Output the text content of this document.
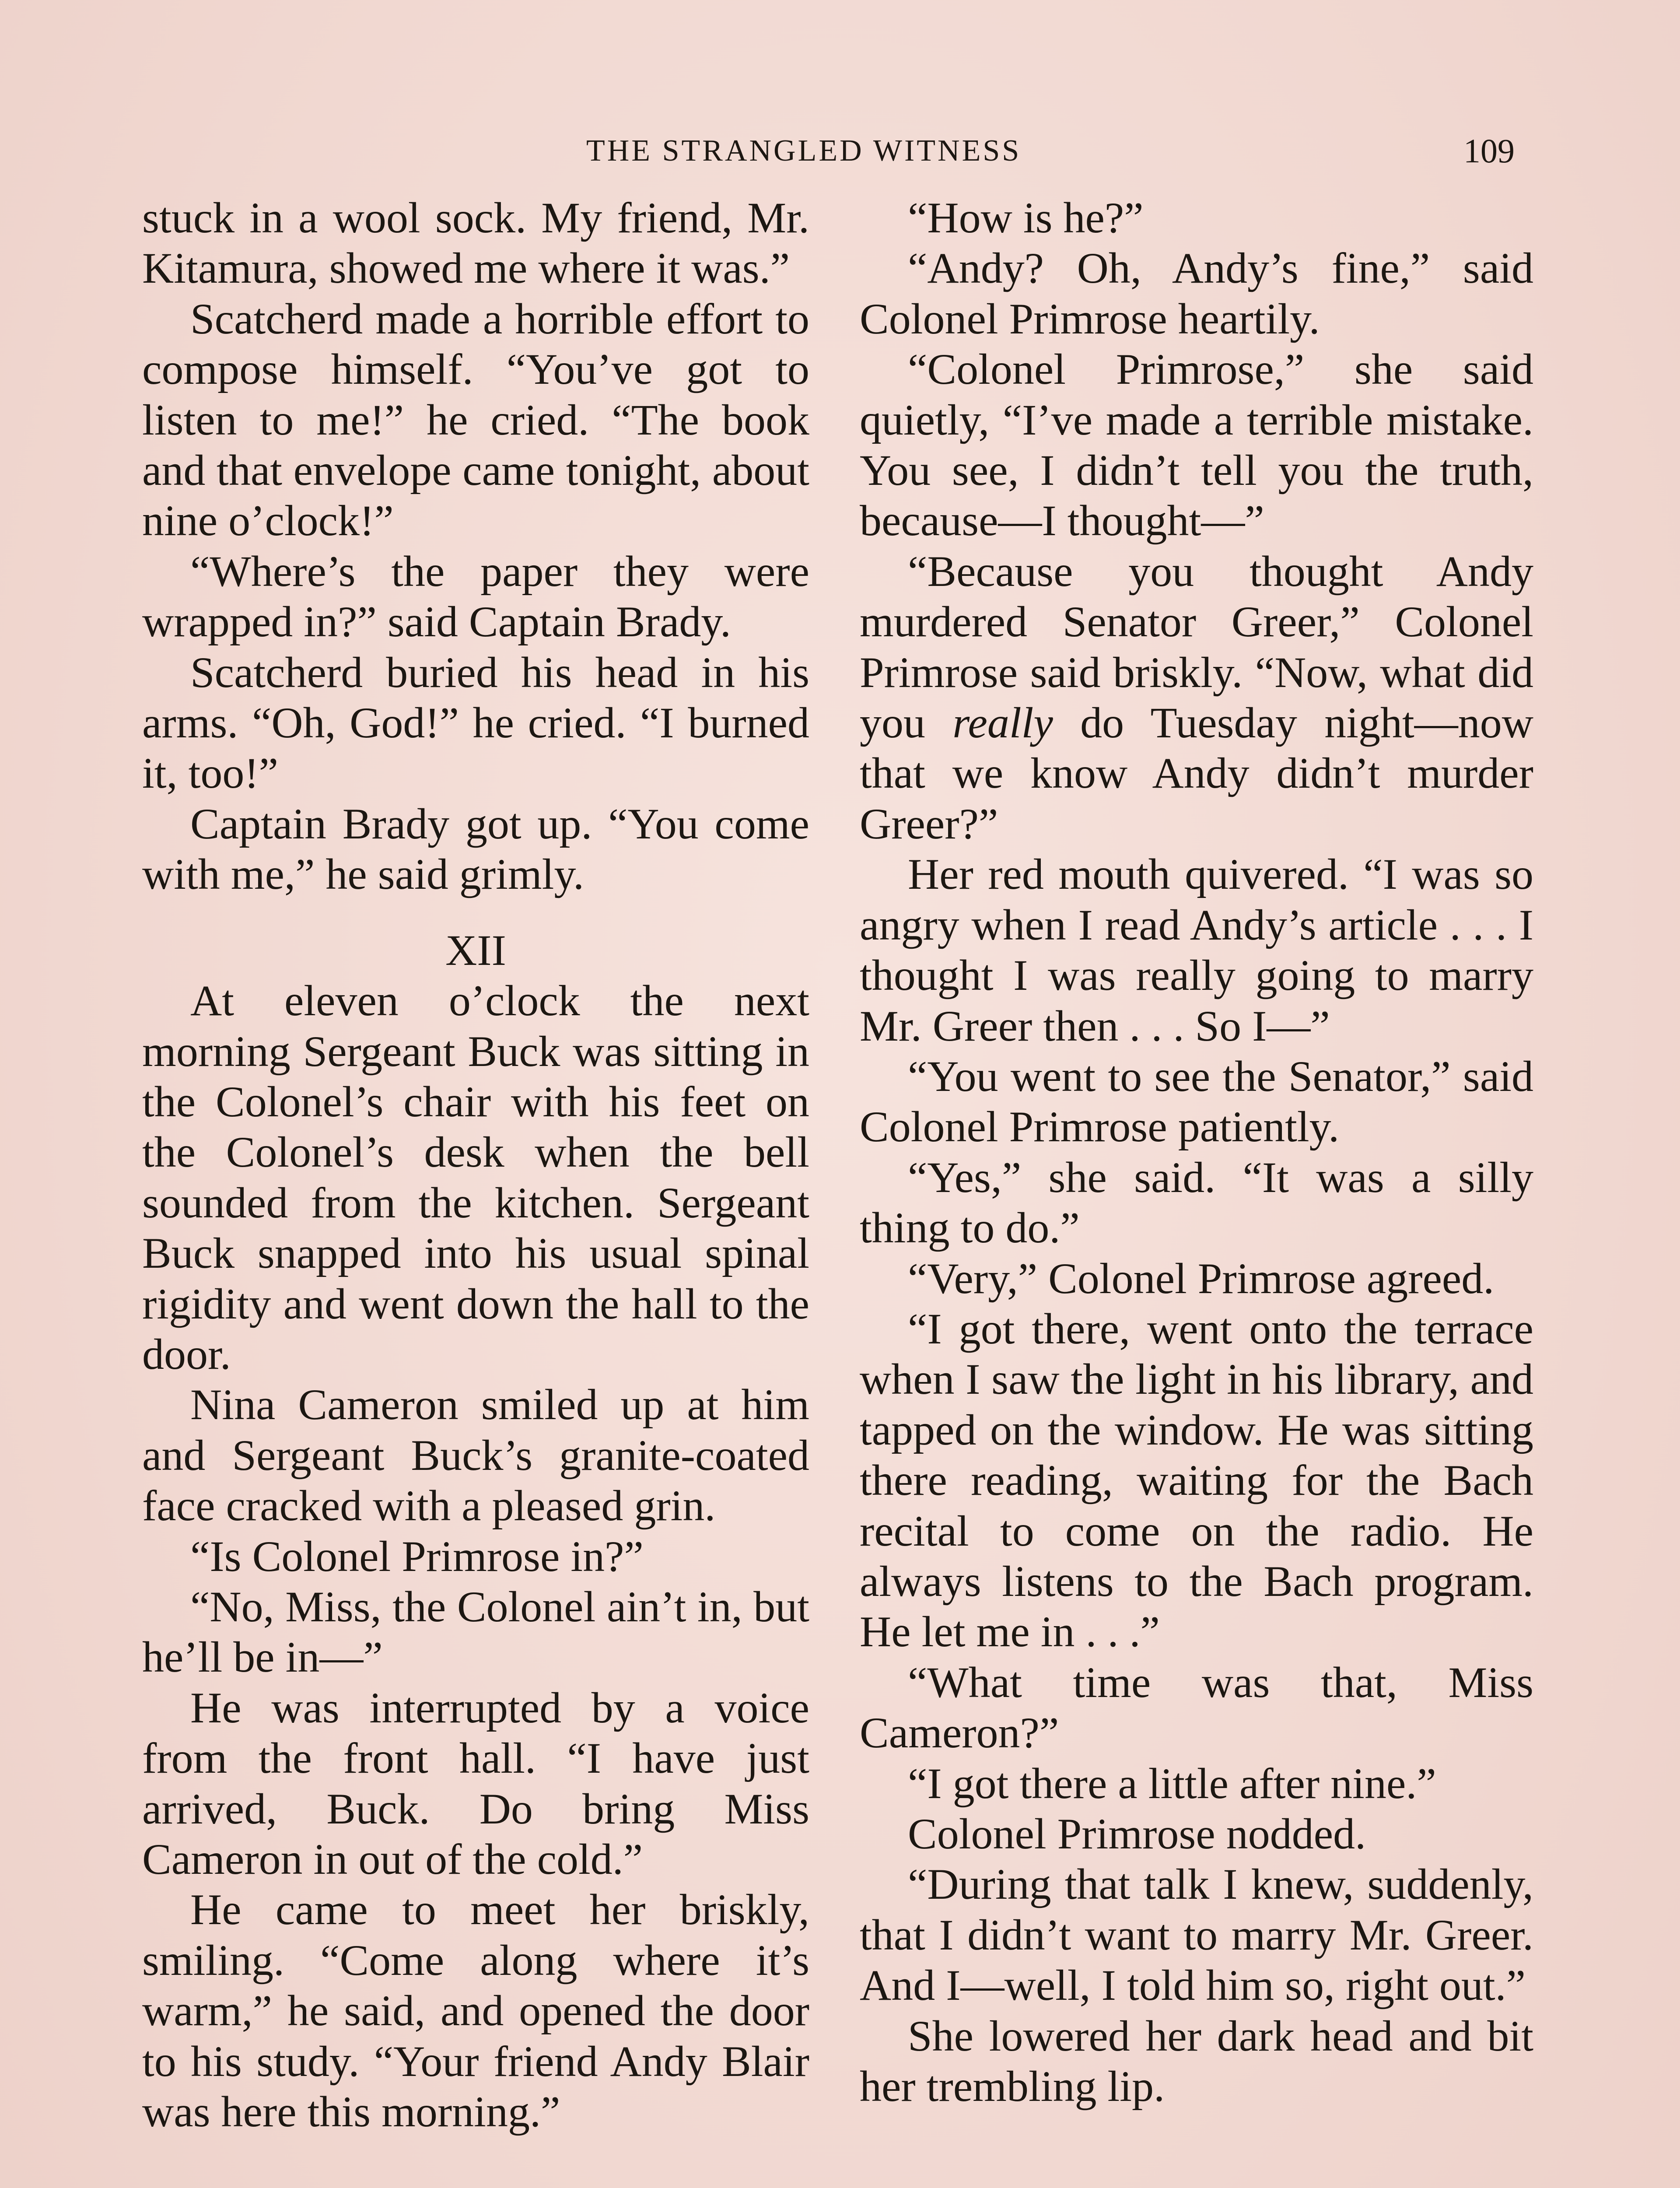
THE STRANGLED WITNESS	109

stuck in a wool sock. My friend, Mr. Kitamura, showed me where it was.”

Scatcherd made a horrible effort to compose himself. “You’ve got to listen to me!” he cried. “The book and that envelope came tonight, about nine o’clock!”

“Where’s the paper they were wrapped in?” said Captain Brady.

Scatcherd buried his head in his arms. “Oh, God!” he cried. “I burned it, too!”

Captain Brady got up. “You come with me,” he said grimly.

XII

At eleven o’clock the next morning Sergeant Buck was sitting in the Colonel’s chair with his feet on the Colonel’s desk when the bell sounded from the kitchen. Sergeant Buck snapped into his usual spinal rigidity and went down the hall to the door.

Nina Cameron smiled up at him and Sergeant Buck’s granite-coated face cracked with a pleased grin.

“Is Colonel Primrose in?”

“No, Miss, the Colonel ain’t in, but he’ll be in—”

He was interrupted by a voice from the front hall. “I have just arrived, Buck. Do bring Miss Cameron in out of the cold.”

He came to meet her briskly, smiling. “Come along where it’s warm,” he said, and opened the door to his study. “Your friend Andy Blair was here this morning.”

“How is he?”

“Andy? Oh, Andy’s fine,” said Colonel Primrose heartily.

“Colonel Primrose,” she said quietly, “I’ve made a terrible mistake. You see, I didn’t tell you the truth, because—I thought—”

“Because you thought Andy murdered Senator Greer,” Colonel Primrose said briskly. “Now, what did you really do Tuesday night—now that we know Andy didn’t murder Greer?”

Her red mouth quivered. “I was so angry when I read Andy’s article . . . I thought I was really going to marry Mr. Greer then . . . So I—”

“You went to see the Senator,” said Colonel Primrose patiently.

“Yes,” she said. “It was a silly thing to do.”

“Very,” Colonel Primrose agreed.

“I got there, went onto the terrace when I saw the light in his library, and tapped on the window. He was sitting there reading, waiting for the Bach recital to come on the radio. He always listens to the Bach program. He let me in . . .”

“What time was that, Miss Cameron?”

“I got there a little after nine.”

Colonel Primrose nodded.

“During that talk I knew, suddenly, that I didn’t want to marry Mr. Greer. And I—well, I told him so, right out.”

She lowered her dark head and bit her trembling lip.
